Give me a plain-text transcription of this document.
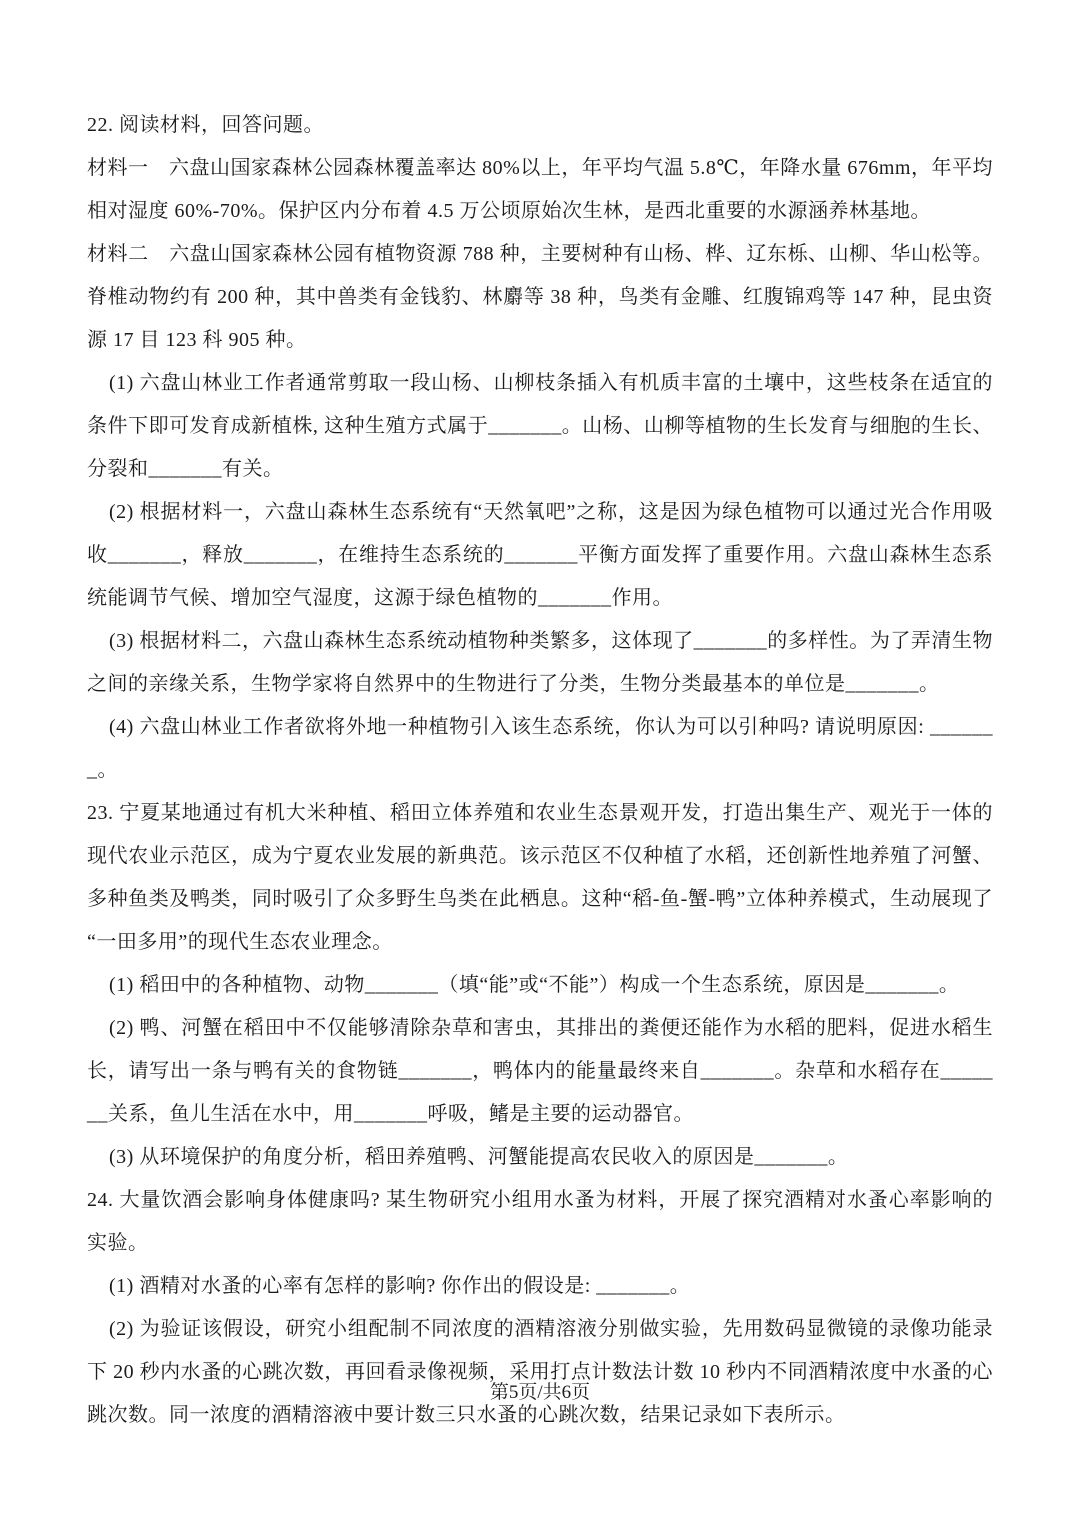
22. 阅读材料，回答问题。

材料一　六盘山国家森林公园森林覆盖率达 80%以上，年平均气温 5.8℃，年降水量 676mm，年平均相对湿度 60%-70%。保护区内分布着 4.5 万公顷原始次生林，是西北重要的水源涵养林基地。

材料二　六盘山国家森林公园有植物资源 788 种，主要树种有山杨、桦、辽东栎、山柳、华山松等。脊椎动物约有 200 种，其中兽类有金钱豹、林麝等 38 种，鸟类有金雕、红腹锦鸡等 147 种，昆虫资源 17 目 123 科 905 种。

(1) 六盘山林业工作者通常剪取一段山杨、山柳枝条插入有机质丰富的土壤中，这些枝条在适宜的条件下即可发育成新植株, 这种生殖方式属于_______。山杨、山柳等植物的生长发育与细胞的生长、分裂和_______有关。

(2) 根据材料一，六盘山森林生态系统有“天然氧吧”之称，这是因为绿色植物可以通过光合作用吸收_______，释放_______，在维持生态系统的_______平衡方面发挥了重要作用。六盘山森林生态系统能调节气候、增加空气湿度，这源于绿色植物的_______作用。

(3) 根据材料二，六盘山森林生态系统动植物种类繁多，这体现了_______的多样性。为了弄清生物之间的亲缘关系，生物学家将自然界中的生物进行了分类，生物分类最基本的单位是_______。

(4) 六盘山林业工作者欲将外地一种植物引入该生态系统，你认为可以引种吗? 请说明原因: _______。

23. 宁夏某地通过有机大米种植、稻田立体养殖和农业生态景观开发，打造出集生产、观光于一体的现代农业示范区，成为宁夏农业发展的新典范。该示范区不仅种植了水稻，还创新性地养殖了河蟹、多种鱼类及鸭类，同时吸引了众多野生鸟类在此栖息。这种“稻-鱼-蟹-鸭”立体种养模式，生动展现了“一田多用”的现代生态农业理念。

(1) 稻田中的各种植物、动物_______（填“能”或“不能”）构成一个生态系统，原因是_______。

(2) 鸭、河蟹在稻田中不仅能够清除杂草和害虫，其排出的粪便还能作为水稻的肥料，促进水稻生长，请写出一条与鸭有关的食物链_______，鸭体内的能量最终来自_______。杂草和水稻存在_______关系，鱼儿生活在水中，用_______呼吸，鳍是主要的运动器官。

(3) 从环境保护的角度分析，稻田养殖鸭、河蟹能提高农民收入的原因是_______。

24. 大量饮酒会影响身体健康吗? 某生物研究小组用水蚤为材料，开展了探究酒精对水蚤心率影响的实验。

(1) 酒精对水蚤的心率有怎样的影响? 你作出的假设是: _______。

(2) 为验证该假设，研究小组配制不同浓度的酒精溶液分别做实验，先用数码显微镜的录像功能录下 20 秒内水蚤的心跳次数，再回看录像视频，采用打点计数法计数 10 秒内不同酒精浓度中水蚤的心跳次数。同一浓度的酒精溶液中要计数三只水蚤的心跳次数，结果记录如下表所示。

第5页/共6页
